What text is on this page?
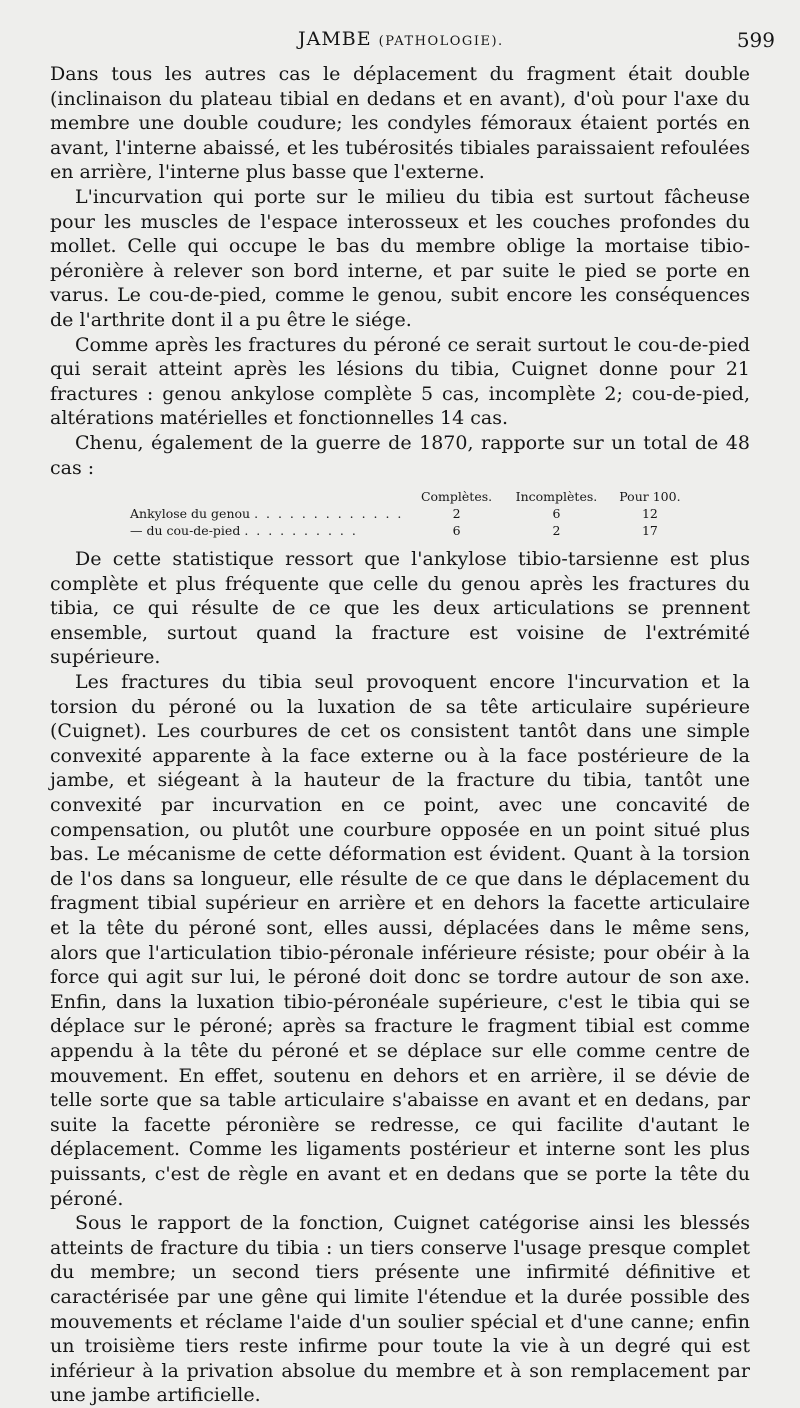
JAMBE (PATHOLOGIE).	599

Dans tous les autres cas le déplacement du fragment était double (inclinaison du plateau tibial en dedans et en avant), d'où pour l'axe du membre une double coudure; les condyles fémoraux étaient portés en avant, l'interne abaissé, et les tubérosités tibiales paraissaient refoulées en arrière, l'interne plus basse que l'externe.

L'incurvation qui porte sur le milieu du tibia est surtout fâcheuse pour les muscles de l'espace interosseux et les couches profondes du mollet. Celle qui occupe le bas du membre oblige la mortaise tibio-péronière à relever son bord interne, et par suite le pied se porte en varus. Le cou-de-pied, comme le genou, subit encore les conséquences de l'arthrite dont il a pu être le siége.

Comme après les fractures du péroné ce serait surtout le cou-de-pied qui serait atteint après les lésions du tibia, Cuignet donne pour 21 fractures : genou ankylose complète 5 cas, incomplète 2; cou-de-pied, altérations matérielles et fonctionnelles 14 cas.

Chenu, également de la guerre de 1870, rapporte sur un total de 48 cas :

	Complètes.	Incomplètes.	Pour 100.
Ankylose du genou . . . . . . . . . . . . .	2	6	12
— du cou-de-pied . . . . . . . . . .	6	2	17

De cette statistique ressort que l'ankylose tibio-tarsienne est plus complète et plus fréquente que celle du genou après les fractures du tibia, ce qui résulte de ce que les deux articulations se prennent ensemble, surtout quand la fracture est voisine de l'extrémité supérieure.

Les fractures du tibia seul provoquent encore l'incurvation et la torsion du péroné ou la luxation de sa tête articulaire supérieure (Cuignet). Les courbures de cet os consistent tantôt dans une simple convexité apparente à la face externe ou à la face postérieure de la jambe, et siégeant à la hauteur de la fracture du tibia, tantôt une convexité par incurvation en ce point, avec une concavité de compensation, ou plutôt une courbure opposée en un point situé plus bas. Le mécanisme de cette déformation est évident. Quant à la torsion de l'os dans sa longueur, elle résulte de ce que dans le déplacement du fragment tibial supérieur en arrière et en dehors la facette articulaire et la tête du péroné sont, elles aussi, déplacées dans le même sens, alors que l'articulation tibio-péronale inférieure résiste; pour obéir à la force qui agit sur lui, le péroné doit donc se tordre autour de son axe. Enfin, dans la luxation tibio-péronéale supérieure, c'est le tibia qui se déplace sur le péroné; après sa fracture le fragment tibial est comme appendu à la tête du péroné et se déplace sur elle comme centre de mouvement. En effet, soutenu en dehors et en arrière, il se dévie de telle sorte que sa table articulaire s'abaisse en avant et en dedans, par suite la facette péronière se redresse, ce qui facilite d'autant le déplacement. Comme les ligaments postérieur et interne sont les plus puissants, c'est de règle en avant et en dedans que se porte la tête du péroné.

Sous le rapport de la fonction, Cuignet catégorise ainsi les blessés atteints de fracture du tibia : un tiers conserve l'usage presque complet du membre; un second tiers présente une infirmité définitive et caractérisée par une gêne qui limite l'étendue et la durée possible des mouvements et réclame l'aide d'un soulier spécial et d'une canne; enfin un troisième tiers reste infirme pour toute la vie à un degré qui est inférieur à la privation absolue du membre et à son remplacement par une jambe artificielle.
